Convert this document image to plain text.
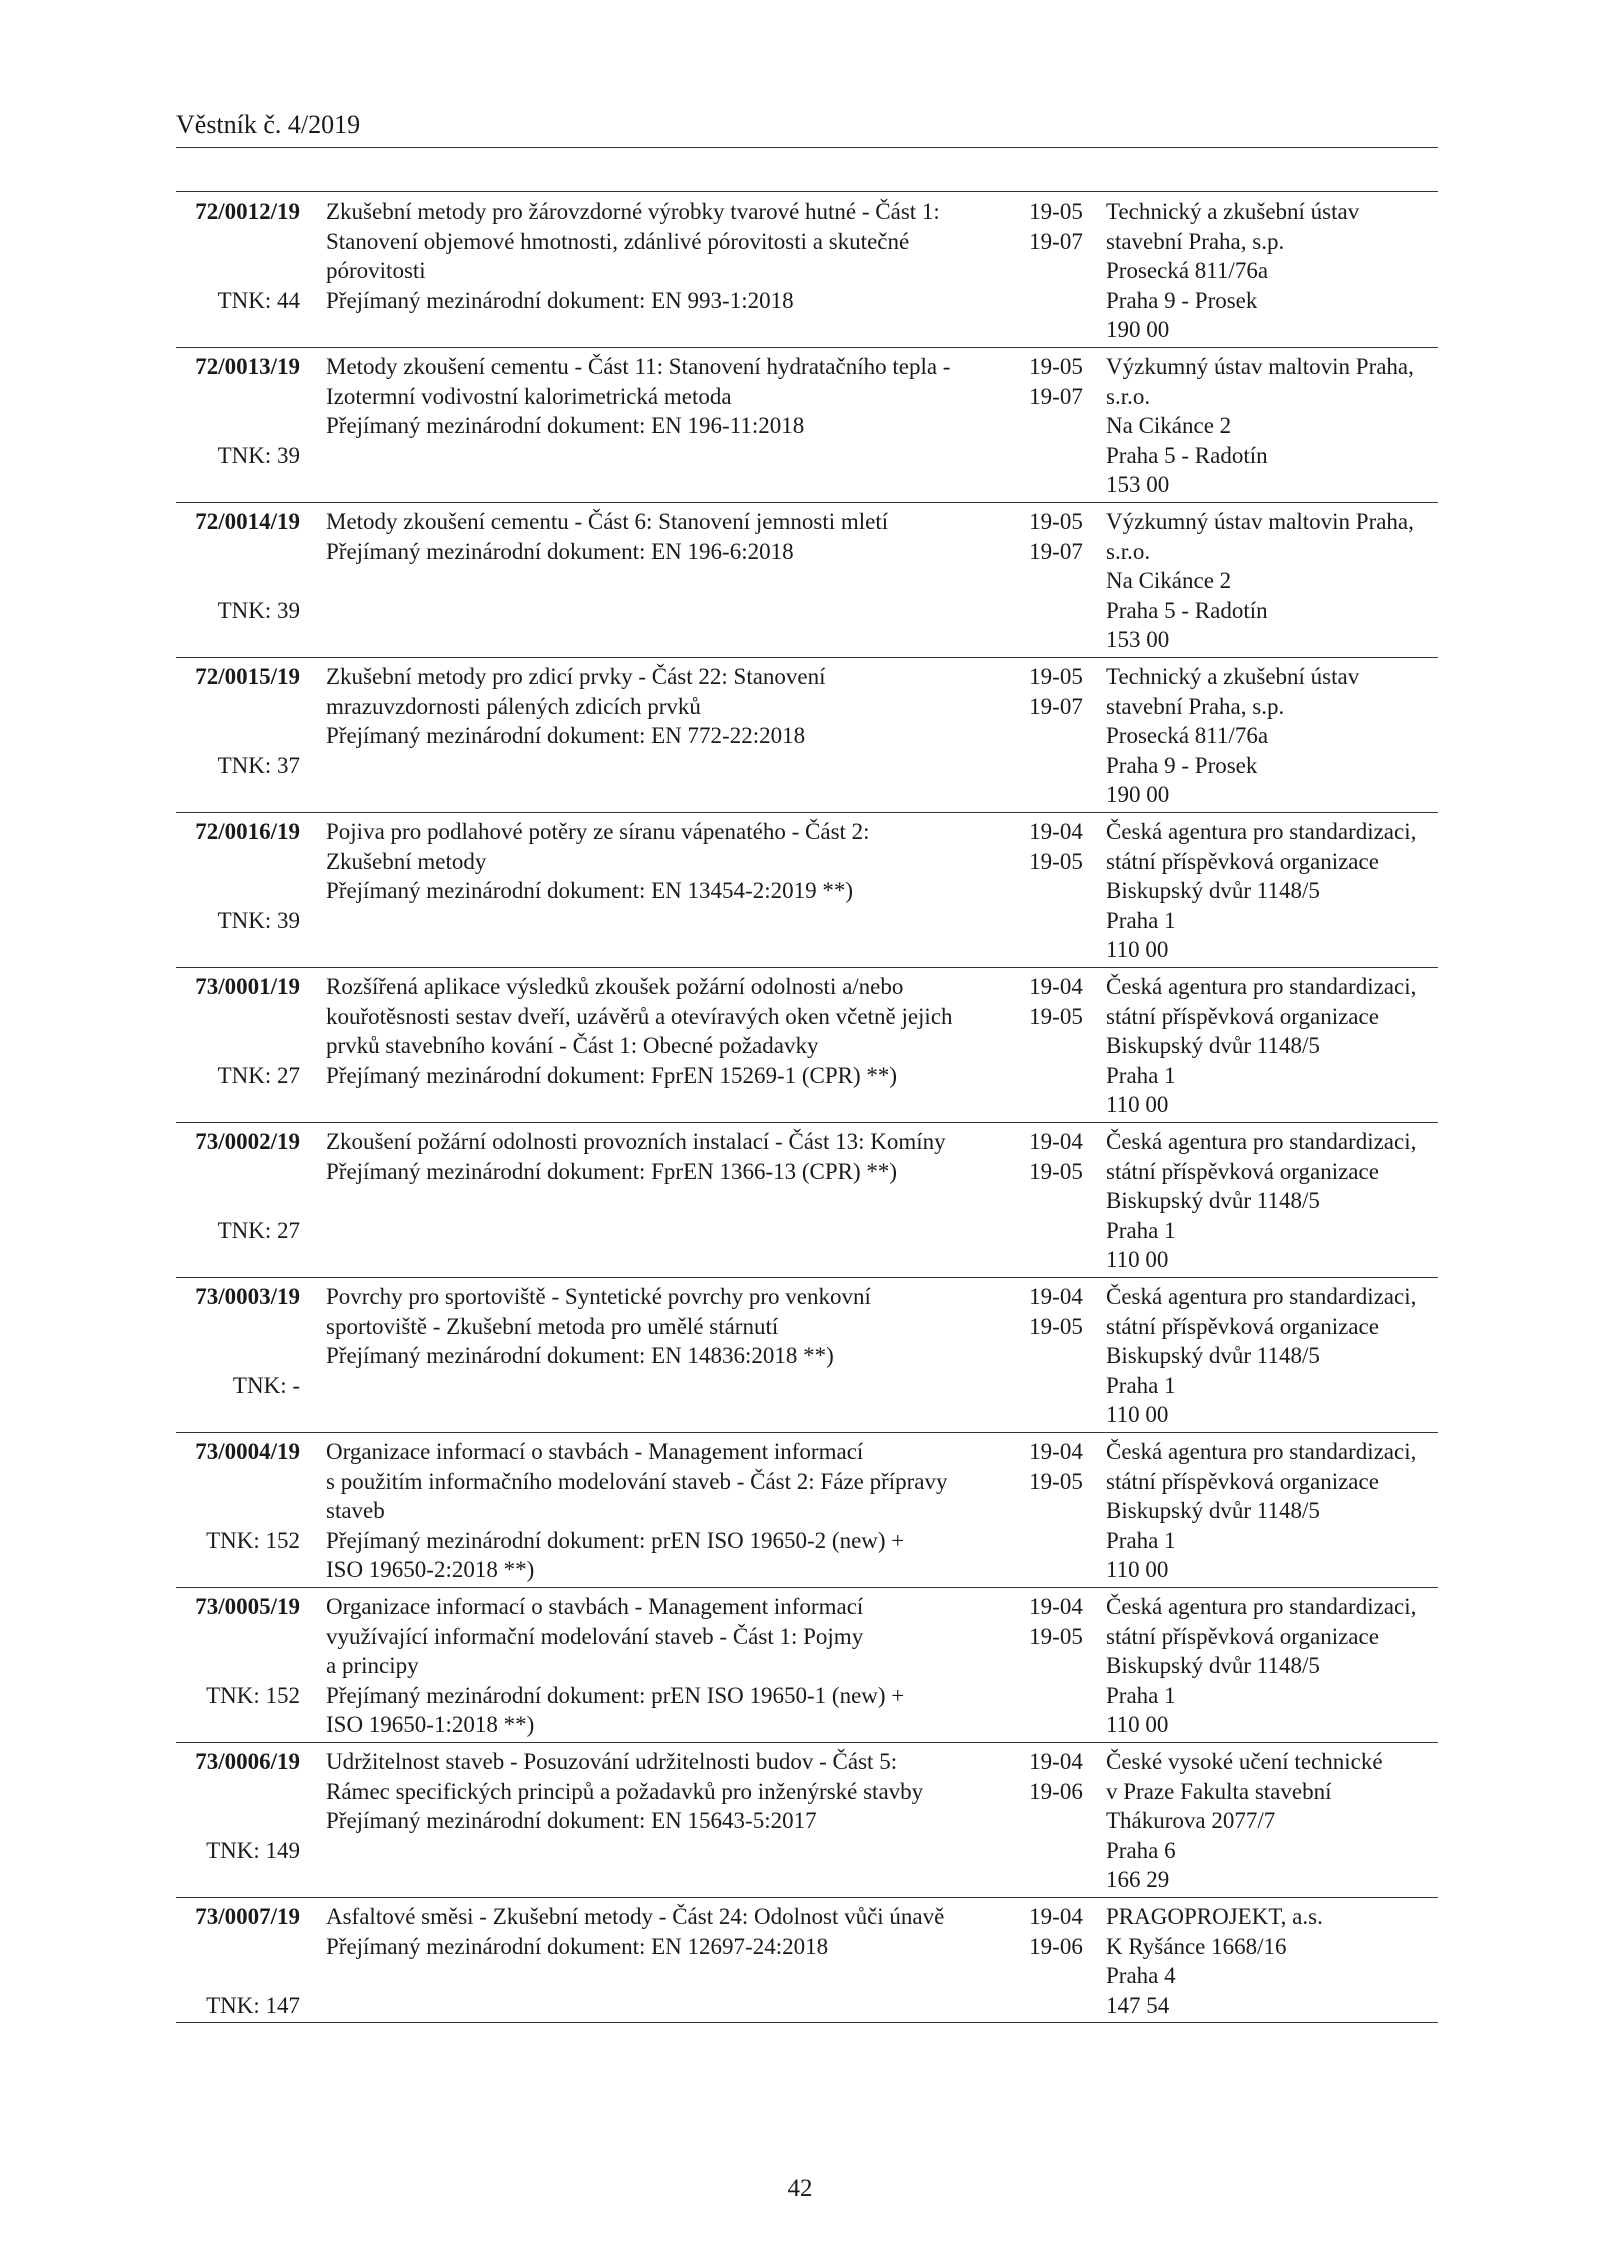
Věstník č. 4/2019
72/0012/19
TNK: 44
Zkušební metody pro žárovzdorné výrobky tvarové hutné - Část 1:
Stanovení objemové hmotnosti, zdánlivé pórovitosti a skutečné
pórovitosti
Přejímaný mezinárodní dokument: EN 993-1:2018
19-05
19-07
Technický a zkušební ústav
stavební Praha, s.p.
Prosecká 811/76a
Praha 9 - Prosek
190 00
72/0013/19
TNK: 39
Metody zkoušení cementu - Část 11: Stanovení hydratačního tepla -
Izotermní vodivostní kalorimetrická metoda
Přejímaný mezinárodní dokument: EN 196-11:2018
19-05
19-07
Výzkumný ústav maltovin Praha,
s.r.o.
Na Cikánce 2
Praha 5 - Radotín
153 00
72/0014/19
TNK: 39
Metody zkoušení cementu - Část 6: Stanovení jemnosti mletí
Přejímaný mezinárodní dokument: EN 196-6:2018
19-05
19-07
Výzkumný ústav maltovin Praha,
s.r.o.
Na Cikánce 2
Praha 5 - Radotín
153 00
72/0015/19
TNK: 37
Zkušební metody pro zdicí prvky - Část 22: Stanovení
mrazuvzdornosti pálených zdicích prvků
Přejímaný mezinárodní dokument: EN 772-22:2018
19-05
19-07
Technický a zkušební ústav
stavební Praha, s.p.
Prosecká 811/76a
Praha 9 - Prosek
190 00
72/0016/19
TNK: 39
Pojiva pro podlahové potěry ze síranu vápenatého - Část 2:
Zkušební metody
Přejímaný mezinárodní dokument: EN 13454-2:2019 **)
19-04
19-05
Česká agentura pro standardizaci,
státní příspěvková organizace
Biskupský dvůr 1148/5
Praha 1
110 00
73/0001/19
TNK: 27
Rozšířená aplikace výsledků zkoušek požární odolnosti a/nebo
kouřotěsnosti sestav dveří, uzávěrů a otevíravých oken včetně jejich
prvků stavebního kování - Část 1: Obecné požadavky
Přejímaný mezinárodní dokument: FprEN 15269-1 (CPR) **)
19-04
19-05
Česká agentura pro standardizaci,
státní příspěvková organizace
Biskupský dvůr 1148/5
Praha 1
110 00
73/0002/19
TNK: 27
Zkoušení požární odolnosti provozních instalací - Část 13: Komíny
Přejímaný mezinárodní dokument: FprEN 1366-13 (CPR) **)
19-04
19-05
Česká agentura pro standardizaci,
státní příspěvková organizace
Biskupský dvůr 1148/5
Praha 1
110 00
73/0003/19
TNK: -
Povrchy pro sportoviště - Syntetické povrchy pro venkovní
sportoviště - Zkušební metoda pro umělé stárnutí
Přejímaný mezinárodní dokument: EN 14836:2018 **)
19-04
19-05
Česká agentura pro standardizaci,
státní příspěvková organizace
Biskupský dvůr 1148/5
Praha 1
110 00
73/0004/19
TNK: 152
Organizace informací o stavbách - Management informací
s použitím informačního modelování staveb - Část 2: Fáze přípravy
staveb
Přejímaný mezinárodní dokument: prEN ISO 19650-2 (new) +
ISO 19650-2:2018 **)
19-04
19-05
Česká agentura pro standardizaci,
státní příspěvková organizace
Biskupský dvůr 1148/5
Praha 1
110 00
73/0005/19
TNK: 152
Organizace informací o stavbách - Management informací
využívající informační modelování staveb - Část 1: Pojmy
a principy
Přejímaný mezinárodní dokument: prEN ISO 19650-1 (new) +
ISO 19650-1:2018 **)
19-04
19-05
Česká agentura pro standardizaci,
státní příspěvková organizace
Biskupský dvůr 1148/5
Praha 1
110 00
73/0006/19
TNK: 149
Udržitelnost staveb - Posuzování udržitelnosti budov - Část 5:
Rámec specifických principů a požadavků pro inženýrské stavby
Přejímaný mezinárodní dokument: EN 15643-5:2017
19-04
19-06
České vysoké učení technické
v Praze Fakulta stavební
Thákurova 2077/7
Praha 6
166 29
73/0007/19
TNK: 147
Asfaltové směsi - Zkušební metody - Část 24: Odolnost vůči únavě
Přejímaný mezinárodní dokument: EN 12697-24:2018
19-04
19-06
PRAGOPROJEKT, a.s.
K Ryšánce 1668/16
Praha 4
147 54
42
